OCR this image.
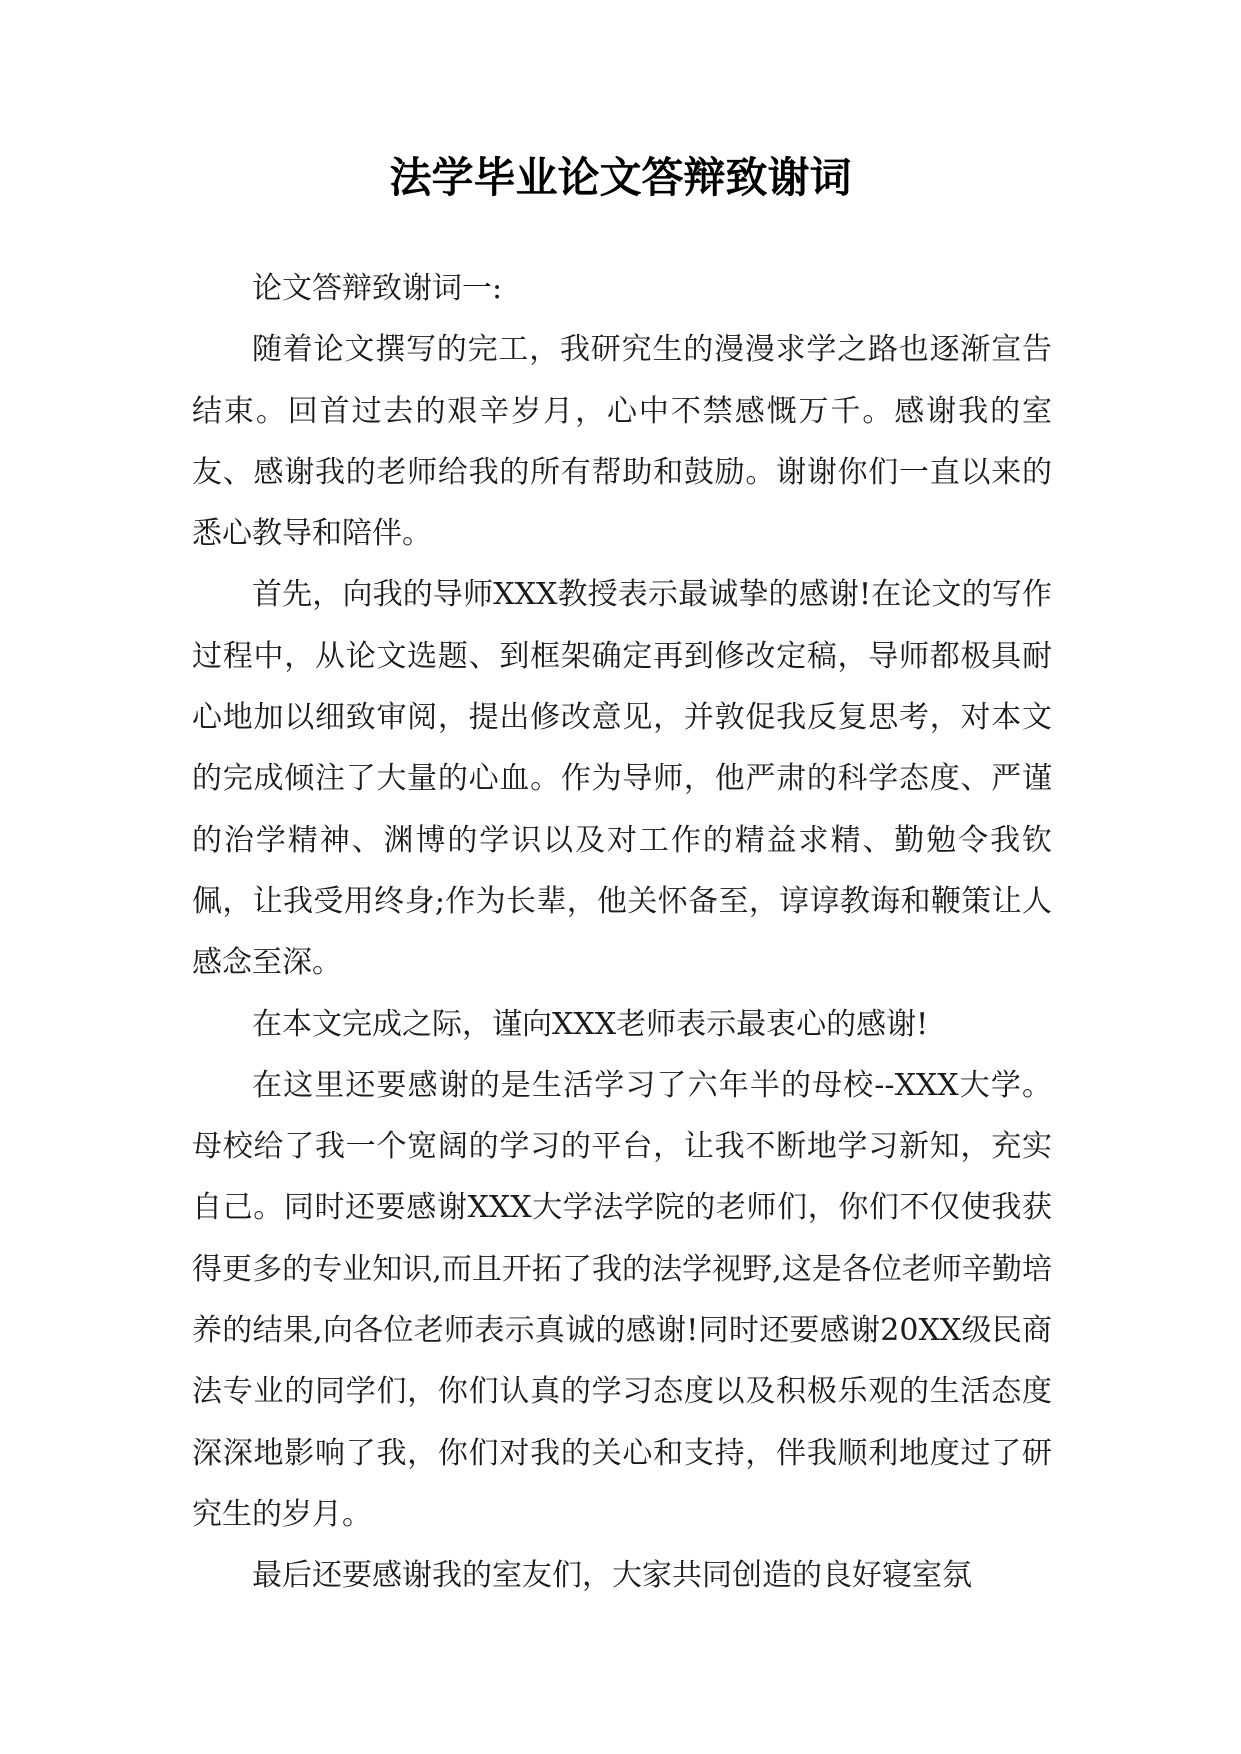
法学毕业论文答辩致谢词

论文答辩致谢词一:

随着论文撰写的完工，我研究生的漫漫求学之路也逐渐宣告结束。回首过去的艰辛岁月，心中不禁感慨万千。感谢我的室友、感谢我的老师给我的所有帮助和鼓励。谢谢你们一直以来的悉心教导和陪伴。

首先，向我的导师XXX教授表示最诚挚的感谢!在论文的写作过程中，从论文选题、到框架确定再到修改定稿，导师都极具耐心地加以细致审阅，提出修改意见，并敦促我反复思考，对本文的完成倾注了大量的心血。作为导师，他严肃的科学态度、严谨的治学精神、渊博的学识以及对工作的精益求精、勤勉令我钦佩，让我受用终身;作为长辈，他关怀备至，谆谆教诲和鞭策让人感念至深。

在本文完成之际，谨向XXX老师表示最衷心的感谢!

在这里还要感谢的是生活学习了六年半的母校--XXX大学。母校给了我一个宽阔的学习的平台，让我不断地学习新知，充实自己。同时还要感谢XXX大学法学院的老师们，你们不仅使我获得更多的专业知识,而且开拓了我的法学视野,这是各位老师辛勤培养的结果,向各位老师表示真诚的感谢!同时还要感谢20XX级民商法专业的同学们，你们认真的学习态度以及积极乐观的生活态度深深地影响了我，你们对我的关心和支持，伴我顺利地度过了研究生的岁月。

最后还要感谢我的室友们，大家共同创造的良好寝室氛
